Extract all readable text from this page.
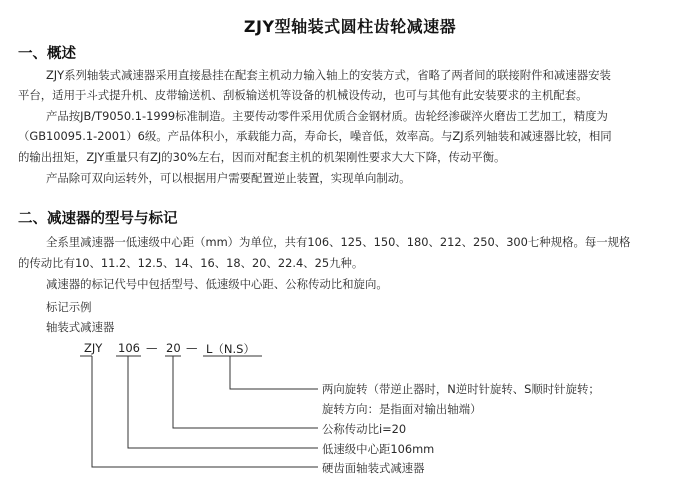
ZJY型轴装式圆柱齿轮减速器
一、概述
ZJY系列轴装式减速器采用直接悬挂在配套主机动力输入轴上的安装方式，省略了两者间的联接附件和减速器安装
平台，适用于斗式提升机、皮带输送机、刮板输送机等设备的机械设传动，也可与其他有此安装要求的主机配套。
产品按JB/T9050.1-1999标准制造。主要传动零件采用优质合金钢材质。齿轮经渗碳淬火磨齿工艺加工，精度为
（GB10095.1-2001）6级。产品体积小，承载能力高，寿命长，噪音低，效率高。与ZJ系列轴装和减速器比较，相同
的输出扭矩，ZJY重量只有ZJ的30%左右，因而对配套主机的机架刚性要求大大下降，传动平衡。
产品除可双向运转外，可以根据用户需要配置逆止装置，实现单向制动。
二、减速器的型号与标记
全系里减速器一低速级中心距（mm）为单位，共有106、125、150、180、212、250、300七种规格。每一规格
的传动比有10、11.2、12.5、14、16、18、20、22.4、25九种。
减速器的标记代号中包括型号、低速级中心距、公称传动比和旋向。
标记示例
轴装式减速器
ZJY 106 — 20 — L（N.S）
两向旋转（带逆止器时，N逆时针旋转、S顺时针旋转；
旋转方向：是指面对输出轴端）
公称传动比i=20
低速级中心距106mm
硬齿面轴装式减速器
